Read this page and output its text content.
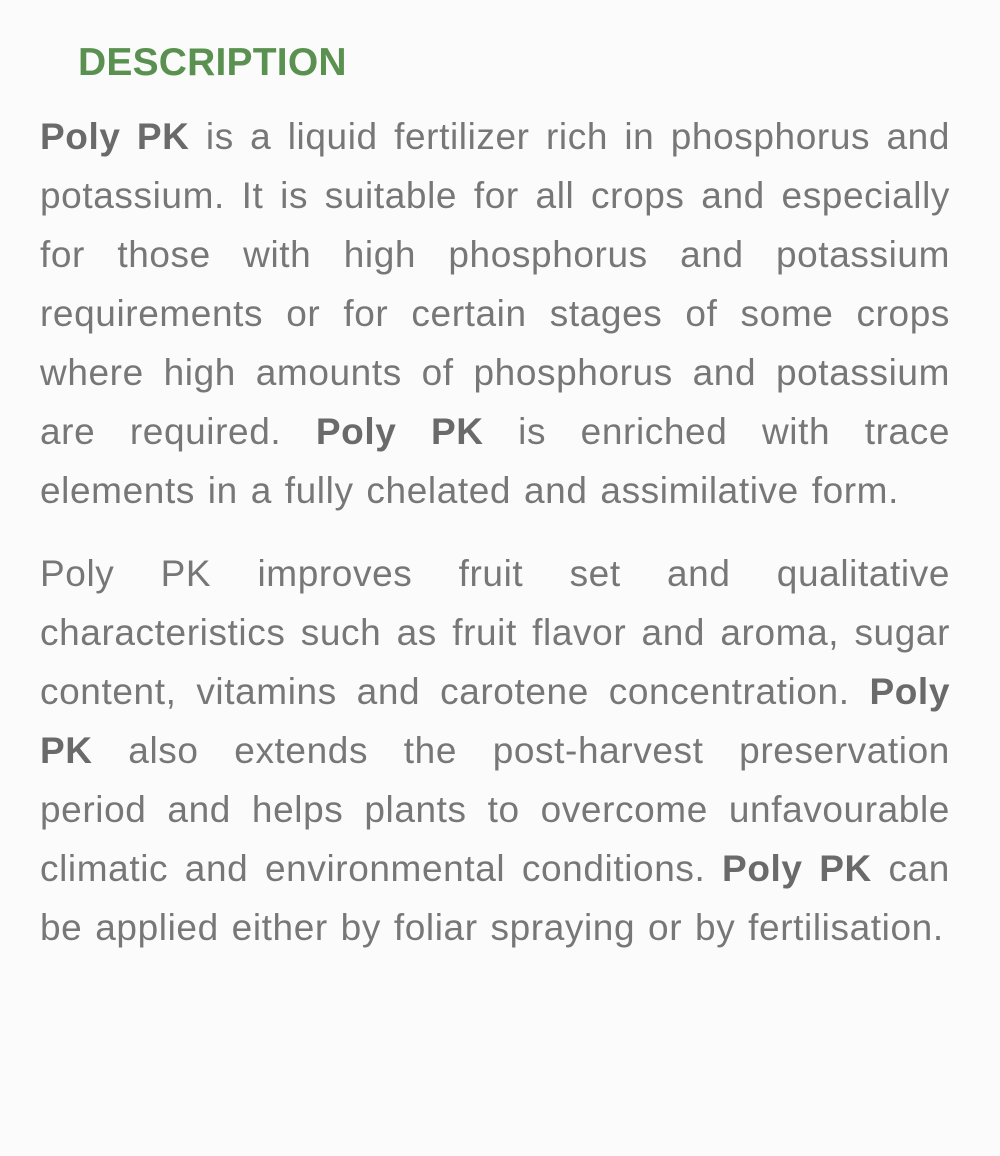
DESCRIPTION

Poly PK is a liquid fertilizer rich in phosphorus and potassium. It is suitable for all crops and especially for those with high phosphorus and potassium requirements or for certain stages of some crops where high amounts of phosphorus and potassium are required. Poly PK is enriched with trace elements in a fully chelated and assimilative form.

Poly PK improves fruit set and qualitative characteristics such as fruit flavor and aroma, sugar content, vitamins and carotene concentration. Poly PK also extends the post-harvest preservation period and helps plants to overcome unfavourable climatic and environmental conditions. Poly PK can be applied either by foliar spraying or by fertilisation.
